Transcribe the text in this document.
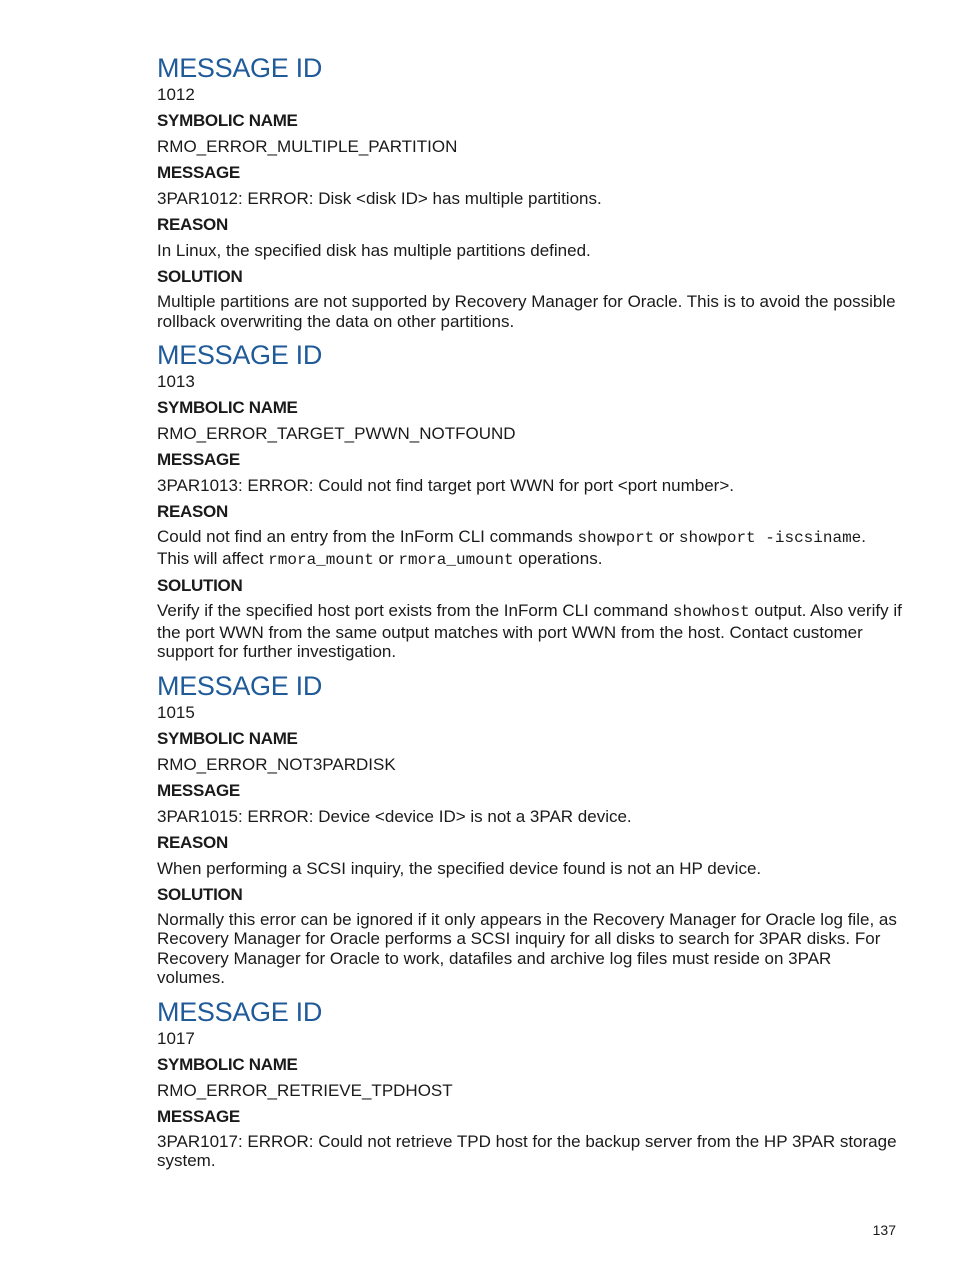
MESSAGE ID
1012
SYMBOLIC NAME
RMO_ERROR_MULTIPLE_PARTITION
MESSAGE
3PAR1012: ERROR: Disk <disk ID> has multiple partitions.
REASON
In Linux, the specified disk has multiple partitions defined.
SOLUTION
Multiple partitions are not supported by Recovery Manager for Oracle. This is to avoid the possible rollback overwriting the data on other partitions.
MESSAGE ID
1013
SYMBOLIC NAME
RMO_ERROR_TARGET_PWWN_NOTFOUND
MESSAGE
3PAR1013: ERROR: Could not find target port WWN for port <port number>.
REASON
Could not find an entry from the InForm CLI commands showport or showport -iscsiname. This will affect rmora_mount or rmora_umount operations.
SOLUTION
Verify if the specified host port exists from the InForm CLI command showhost output. Also verify if the port WWN from the same output matches with port WWN from the host. Contact customer support for further investigation.
MESSAGE ID
1015
SYMBOLIC NAME
RMO_ERROR_NOT3PARDISK
MESSAGE
3PAR1015: ERROR: Device <device ID> is not a 3PAR device.
REASON
When performing a SCSI inquiry, the specified device found is not an HP device.
SOLUTION
Normally this error can be ignored if it only appears in the Recovery Manager for Oracle log file, as Recovery Manager for Oracle performs a SCSI inquiry for all disks to search for 3PAR disks. For Recovery Manager for Oracle to work, datafiles and archive log files must reside on 3PAR volumes.
MESSAGE ID
1017
SYMBOLIC NAME
RMO_ERROR_RETRIEVE_TPDHOST
MESSAGE
3PAR1017: ERROR: Could not retrieve TPD host for the backup server from the HP 3PAR storage system.
137
